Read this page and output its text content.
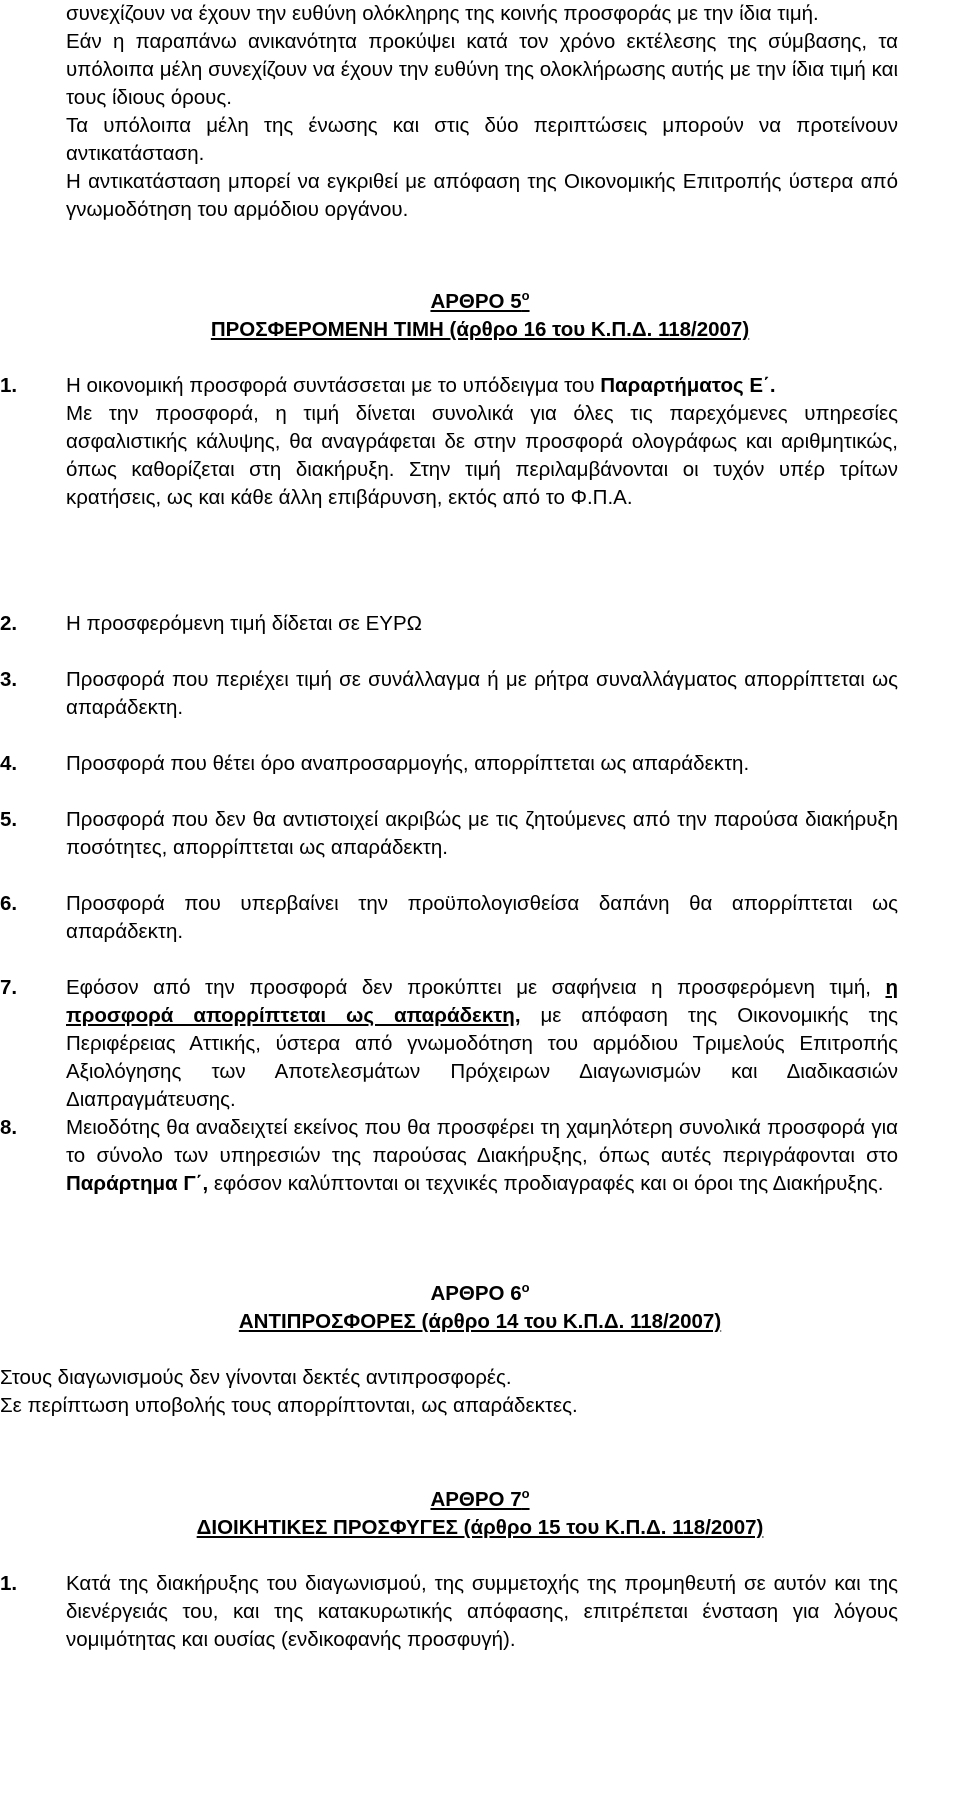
συνεχίζουν να έχουν την ευθύνη ολόκληρης της κοινής προσφοράς με την ίδια τιμή.

Εάν η παραπάνω ανικανότητα προκύψει κατά τον χρόνο εκτέλεσης της σύμβασης, τα υπόλοιπα μέλη συνεχίζουν να έχουν την ευθύνη της ολοκλήρωσης αυτής με την ίδια τιμή και τους ίδιους όρους.

Τα υπόλοιπα μέλη της ένωσης και στις δύο περιπτώσεις μπορούν να προτείνουν αντικατάσταση.

Η αντικατάσταση μπορεί να εγκριθεί με απόφαση της Οικονομικής Επιτροπής ύστερα από γνωμοδότηση του αρμόδιου οργάνου.

ΑΡΘΡΟ $5^o$
ΠΡΟΣΦΕΡΟΜΕΝΗ ΤΙΜΗ (άρθρο 16 του Κ.Π.Δ. 118/2007)
1.	Η οικονομική προσφορά συντάσσεται με το υπόδειγμα του Παραρτήματος Ε΄.

Με την προσφορά, η τιμή δίνεται συνολικά για όλες τις παρεχόμενες υπηρεσίες ασφαλιστικής κάλυψης, θα αναγράφεται δε στην προσφορά ολογράφως και αριθμητικώς, όπως καθορίζεται στη διακήρυξη. Στην τιμή περιλαμβάνονται οι τυχόν υπέρ τρίτων κρατήσεις, ως και κάθε άλλη επιβάρυνση, εκτός από το Φ.Π.Α.

2.	Η προσφερόμενη τιμή δίδεται σε ΕΥΡΩ
3.	Προσφορά που περιέχει τιμή σε συνάλλαγμα ή με ρήτρα συναλλάγματος απορρίπτεται ως απαράδεκτη.
4.	Προσφορά που θέτει όρο αναπροσαρμογής, απορρίπτεται ως απαράδεκτη.
5.	Προσφορά που δεν θα αντιστοιχεί ακριβώς με τις ζητούμενες από την παρούσα διακήρυξη ποσότητες, απορρίπτεται ως απαράδεκτη.
6.	Προσφορά που υπερβαίνει την προϋπολογισθείσα δαπάνη θα απορρίπτεται ως απαράδεκτη.
7.	Εφόσον από την προσφορά δεν προκύπτει με σαφήνεια η προσφερόμενη τιμή, η προσφορά απορρίπτεται ως απαράδεκτη, με απόφαση της Οικονομικής της Περιφέρειας Αττικής, ύστερα από γνωμοδότηση του αρμόδιου Τριμελούς Επιτροπής Αξιολόγησης των Αποτελεσμάτων Πρόχειρων Διαγωνισμών και Διαδικασιών Διαπραγμάτευσης.
8.	Μειοδότης θα αναδειχτεί εκείνος που θα προσφέρει τη χαμηλότερη συνολικά προσφορά για το σύνολο των υπηρεσιών της παρούσας Διακήρυξης, όπως αυτές περιγράφονται στο Παράρτημα Γ΄, εφόσον καλύπτονται οι τεχνικές προδιαγραφές και οι όροι της Διακήρυξης.
ΑΡΘΡΟ $6^o$
ΑΝΤΙΠΡΟΣΦΟΡΕΣ (άρθρο 14 του Κ.Π.Δ. 118/2007)

Στους διαγωνισμούς δεν γίνονται δεκτές αντιπροσφορές.

Σε περίπτωση υποβολής τους απορρίπτονται, ως απαράδεκτες.

ΑΡΘΡΟ $7^o$
ΔΙΟΙΚΗΤΙΚΕΣ ΠΡΟΣΦΥΓΕΣ (άρθρο 15 του Κ.Π.Δ. 118/2007)
1.	Κατά της διακήρυξης του διαγωνισμού, της συμμετοχής της προμηθευτή σε αυτόν και της διενέργειάς του, και της κατακυρωτικής απόφασης, επιτρέπεται ένσταση για λόγους νομιμότητας και ουσίας (ενδικοφανής προσφυγή).
